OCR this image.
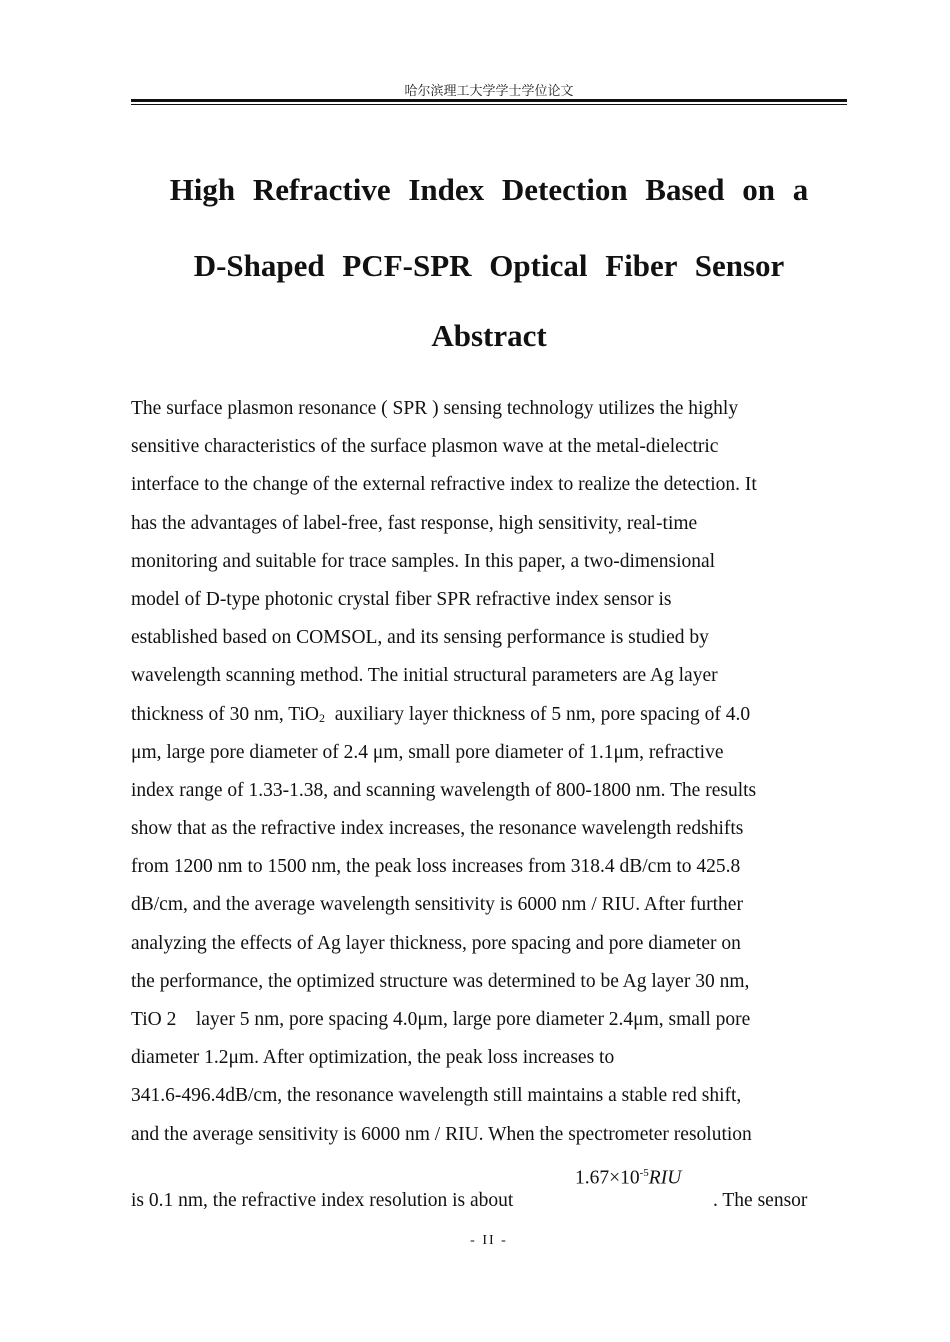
哈尔滨理工大学学士学位论文
High Refractive Index Detection Based on a
D-Shaped PCF-SPR Optical Fiber Sensor
Abstract
The surface plasmon resonance ( SPR ) sensing technology utilizes the highly
sensitive characteristics of the surface plasmon wave at the metal-dielectric
interface to the change of the external refractive index to realize the detection. It
has the advantages of label-free, fast response, high sensitivity, real-time
monitoring and suitable for trace samples. In this paper, a two-dimensional
model of D-type photonic crystal fiber SPR refractive index sensor is
established based on COMSOL, and its sensing performance is studied by
wavelength scanning method. The initial structural parameters are Ag layer
thickness of 30 nm, TiO2  auxiliary layer thickness of 5 nm, pore spacing of 4.0
μm, large pore diameter of 2.4 μm, small pore diameter of 1.1μm, refractive
index range of 1.33-1.38, and scanning wavelength of 800-1800 nm. The results
show that as the refractive index increases, the resonance wavelength redshifts
from 1200 nm to 1500 nm, the peak loss increases from 318.4 dB/cm to 425.8
dB/cm, and the average wavelength sensitivity is 6000 nm / RIU. After further
analyzing the effects of Ag layer thickness, pore spacing and pore diameter on
the performance, the optimized structure was determined to be Ag layer 30 nm,
TiO 2    layer 5 nm, pore spacing 4.0μm, large pore diameter 2.4μm, small pore
diameter 1.2μm. After optimization, the peak loss increases to
341.6-496.4dB/cm, the resonance wavelength still maintains a stable red shift,
and the average sensitivity is 6000 nm / RIU. When the spectrometer resolution
is 0.1 nm, the refractive index resolution is about
$1.67\times 10^{-5}RIU$
. The sensor
- II -
